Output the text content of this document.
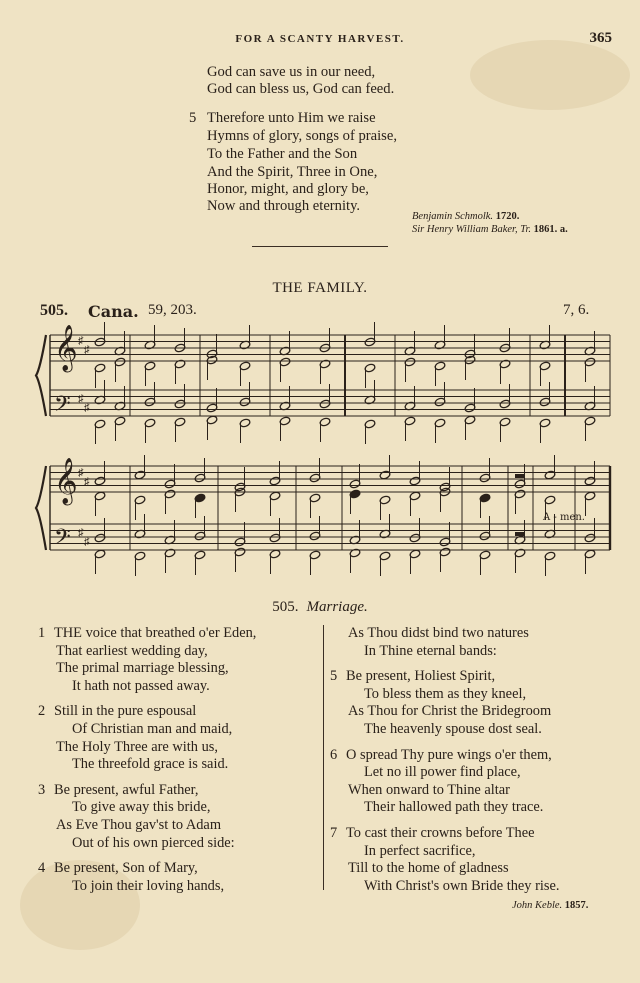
FOR A SCANTY HARVEST.	365
God can save us in our need,
God can bless us, God can feed.
5 Therefore unto Him we raise
Hymns of glory, songs of praise,
To the Father and the Son
And the Spirit, Three in One,
Honor, might, and glory be,
Now and through eternity.
Benjamin Schmolk. 1720.
Sir Henry William Baker, Tr. 1861. a.
THE FAMILY.
505. Cana. 59, 203.	7, 6.
♯
♯
♯
♯
♯
♯
♯
♯
𝄞
𝄢
𝄞
𝄢
A - men.
505. Marriage.
1 THE voice that breathed o'er Eden,
That earliest wedding day,
The primal marriage blessing,
It hath not passed away.
2 Still in the pure espousal
Of Christian man and maid,
The Holy Three are with us,
The threefold grace is said.
3 Be present, awful Father,
To give away this bride,
As Eve Thou gav'st to Adam
Out of his own pierced side:
4 Be present, Son of Mary,
To join their loving hands,
As Thou didst bind two natures
In Thine eternal bands:
5 Be present, Holiest Spirit,
To bless them as they kneel,
As Thou for Christ the Bridegroom
The heavenly spouse dost seal.
6 O spread Thy pure wings o'er them,
Let no ill power find place,
When onward to Thine altar
Their hallowed path they trace.
7 To cast their crowns before Thee
In perfect sacrifice,
Till to the home of gladness
With Christ's own Bride they rise.
John Keble. 1857.
